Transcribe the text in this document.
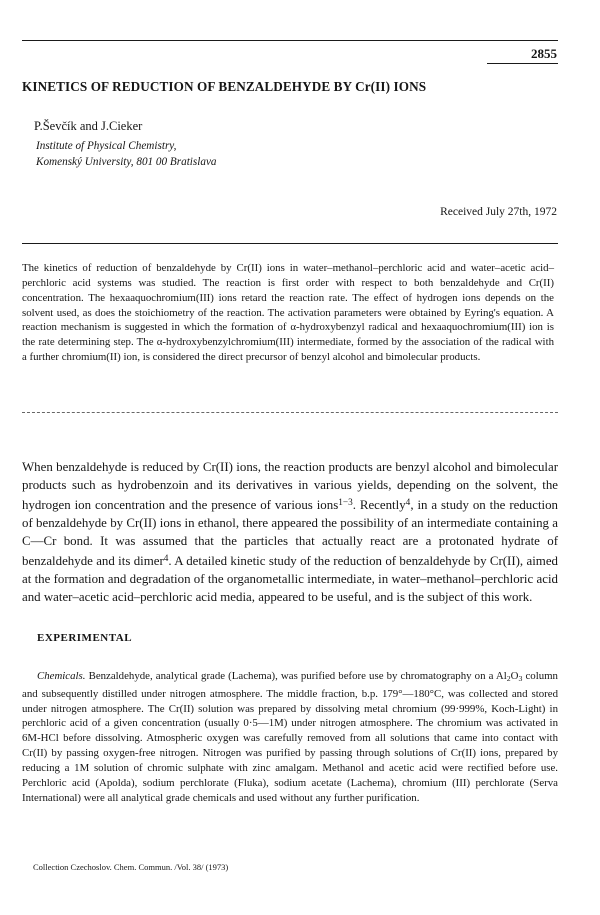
2855
KINETICS OF REDUCTION OF BENZALDEHYDE BY Cr(II) IONS
P.Ševčík and J.Cieker
Institute of Physical Chemistry,
Komenský University, 801 00 Bratislava
Received July 27th, 1972

The kinetics of reduction of benzaldehyde by Cr(II) ions in water–methanol–perchloric acid and water–acetic acid–perchloric acid systems was studied. The reaction is first order with respect to both benzaldehyde and Cr(II) concentration. The hexaaquochromium(III) ions retard the reaction rate. The effect of hydrogen ions depends on the solvent used, as does the stoichiometry of the reaction. The activation parameters were obtained by Eyring's equation. A reaction mechanism is suggested in which the formation of α-hydroxybenzyl radical and hexaaquochromium(III) ion is the rate determining step. The α-hydroxybenzylchromium(III) intermediate, formed by the association of the radical with a further chromium(II) ion, is considered the direct precursor of benzyl alcohol and bimolecular products.

When benzaldehyde is reduced by Cr(II) ions, the reaction products are benzyl alcohol and bimolecular products such as hydrobenzoin and its derivatives in various yields, depending on the solvent, the hydrogen ion concentration and the presence of various ions$^{1-3}$. Recently$^4$, in a study on the reduction of benzaldehyde by Cr(II) ions in ethanol, there appeared the possibility of an intermediate containing a C—Cr bond. It was assumed that the particles that actually react are a protonated hydrate of benzaldehyde and its dimer$^4$. A detailed kinetic study of the reduction of benzaldehyde by Cr(II), aimed at the formation and degradation of the organometallic intermediate, in water–methanol–perchloric acid and water–acetic acid–perchloric acid media, appeared to be useful, and is the subject of this work.

EXPERIMENTAL

Chemicals. Benzaldehyde, analytical grade (Lachema), was purified before use by chromatography on a $Al_2O_3$ column and subsequently distilled under nitrogen atmosphere. The middle fraction, b.p. 179°—180°C, was collected and stored under nitrogen atmosphere. The Cr(II) solution was prepared by dissolving metal chromium (99·999%, Koch-Light) in perchloric acid of a given concentration (usually 0·5—1M) under nitrogen atmosphere. The chromium was activated in 6M-HCl before dissolving. Atmospheric oxygen was carefully removed from all solutions that came into contact with Cr(II) by passing oxygen-free nitrogen. Nitrogen was purified by passing through solutions of Cr(II) ions, prepared by reducing a 1M solution of chromic sulphate with zinc amalgam. Methanol and acetic acid were rectified before use. Perchloric acid (Apolda), sodium perchlorate (Fluka), sodium acetate (Lachema), chromium (III) perchlorate (Serva International) were all analytical grade chemicals and used without any further purification.

Collection Czechoslov. Chem. Commun. /Vol. 38/ (1973)
